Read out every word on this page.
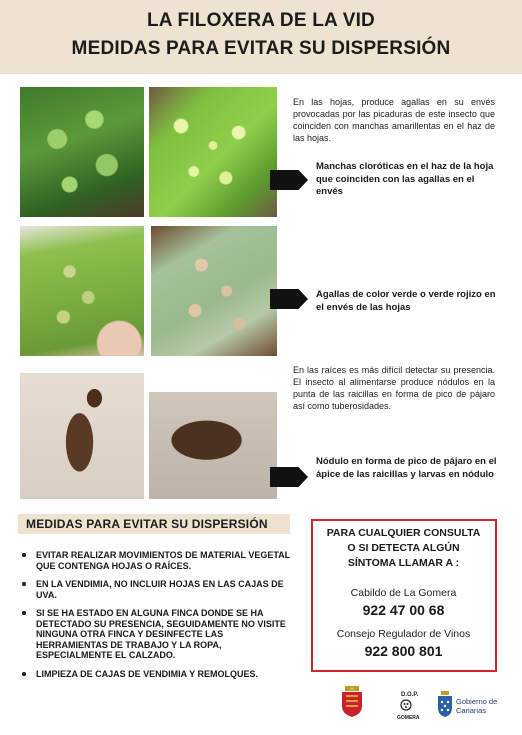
LA FILOXERA DE LA VID
MEDIDAS PARA EVITAR SU DISPERSIÓN

En las hojas, produce agallas en su envés provocadas por las picaduras de este insecto que coinciden con manchas amarillentas en el haz de las hojas.

En las raíces es más difícil detectar su presencia. El insecto al alimentarse produce nódulos en la punta de las raicillas en forma de pico de pájaro así como tuberosidades.

Manchas cloróticas en el haz de la hoja que coinciden con las agallas en el envés
Agallas de color verde o verde rojizo en el envés de las hojas
Nódulo en forma de pico de pájaro en el ápice de las raicillas y larvas en nódulo
MEDIDAS PARA EVITAR SU DISPERSIÓN
EVITAR REALIZAR MOVIMIENTOS DE MATERIAL VEGETAL QUE CONTENGA HOJAS O RAÍCES.
EN LA VENDIMIA, NO INCLUIR HOJAS EN LAS CAJAS DE UVA.
SI SE HA ESTADO EN ALGUNA FINCA DONDE SE HA DETECTADO SU PRESENCIA, SEGUIDAMENTE NO VISITE NINGUNA OTRA FINCA Y DESINFECTE LAS HERRAMIENTAS DE TRABAJO Y LA ROPA, ESPECIALMENTE EL CALZADO.
LIMPIEZA DE CAJAS DE VENDIMIA Y REMOLQUES.
PARA CUALQUIER CONSULTA
O SI DETECTA ALGÚN
SÍNTOMA LLAMAR A :
Cabildo de La Gomera
922 47 00 68
Consejo Regulador de Vinos
922 800 801
D.O.P.
GOMERA
Gobierno de Canarias
